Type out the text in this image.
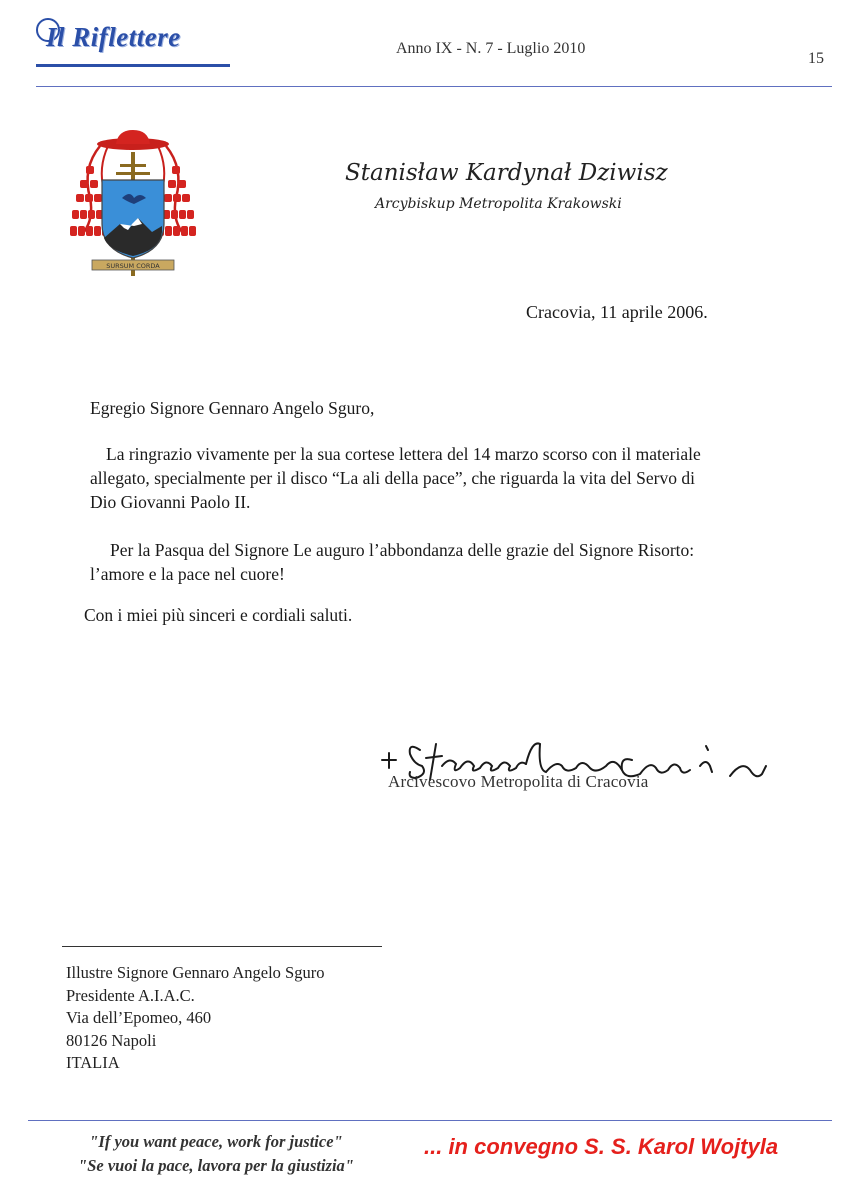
Il Riflettere	Anno IX - N. 7 - Luglio 2010
15
SURSUM CORDA
Stanisław Kardynał Dziwisz
Arcybiskup Metropolita Krakowski
Cracovia, 11 aprile 2006.
Egregio Signore Gennaro Angelo Sguro,
La ringrazio vivamente per la sua cortese lettera del 14 marzo scorso con il materiale
allegato, specialmente per il disco “La ali della pace”, che riguarda la vita del Servo di
Dio Giovanni Paolo II.
Per la Pasqua del Signore Le auguro l’abbondanza delle grazie del Signore Risorto:
l’amore e la pace nel cuore!
Con i miei più sinceri e cordiali saluti.
Arcivescovo Metropolita di Cracovia
Illustre Signore Gennaro Angelo Sguro
Presidente A.I.A.C.
Via dell’Epomeo, 460
80126 Napoli
ITALIA
"If you want peace, work for justice"
"Se vuoi la pace, lavora per la giustizia"
... in convegno S. S. Karol Wojtyla
